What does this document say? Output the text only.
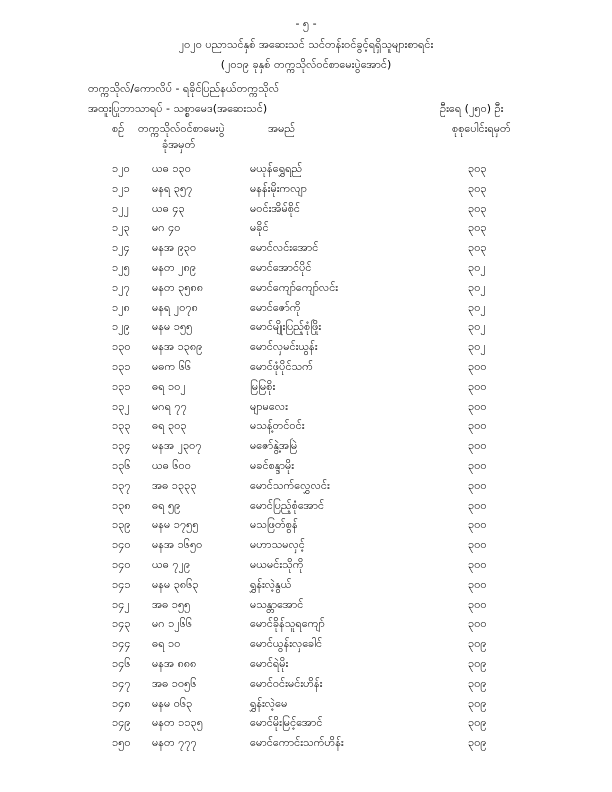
- ၅ -
၂၀၂၀ ပညာသင်နှစ် အဆေးသင် သင်တန်းဝင်ခွင့်ရရှိသူများစာရင်း
(၂၀၁၉ ခုနှစ် တက္ကသိုလ်ဝင်စာမေးပွဲအောင်)
တက္ကသိုလ်/ကောလိပ် - ရခိုင်ပြည်နယ်တက္ကသိုလ်
အထူးပြုဘာသာရပ် - သစ္စာမေဒ(အဆေးသင်)	ဦးရေ (၂၅၀) ဦး
စဉ် တက္ကသိုလ်ဝင်စာမေးပွဲ
ခုံအမှတ်
အမည်	စုစုပေါင်းရမှတ်
၁၂၀ ယဓ ၁၃၀	မယုန်ရွှေရည်	၃၀၃
၁၂၁ မနရ ၃၅၇	မနန်းမိုးကလျာ	၃၀၃
၁၂၂ ယဓ ၄၃	မဝင်းအိမ်စိုင်	၃၀၃
၁၂၃ မဂ ၄၀	မခိုင်	၃၀၃
၁၂၄ မနအ ၉၃၀	မောင်လင်းအောင်	၃၀၃
၁၂၅ မနတ ၂၈၉	မောင်အောင်ပိုင်	၃၀၂
၁၂၇ မနတ ၃၅၈၈	မောင်ကျော်ကျော်လင်း	၃၀၂
၁၂၈ မနရ ၂၀၇၈	မောင်ဇော်ကို	၃၀၂
၁၂၉ မနမ ၁၅၅	မောင်မျိုးပြည့်စုံဖြိုး	၃၀၂
၁၃၀ မနအ ၁၃၈၉	မောင်လှမင်းယွန်း	၃၀၂
၁၃၁ မဓက ၆၆	မောင်ဖုံပိုင်သက်	၃၀၀
၁၃၁ ဓရ ၁၀၂	မြမြစိုး	၃၀၀
၁၃၂ မဂရ ၇၇	မျာမလေး	၃၀၀
၁၃၃ ဓရ ၃၀၃	မသန့်တင်ဝင်း	၃၀၀
၁၃၄ မနအ ၂၃၀၇	မဇော်နွဲ့အမြဲ	၃၀၀
၁၃၆ ယဓ ၆၀၀	မခင်စန္ဒာမိုး	၃၀၀
၁၃၇ အဓ ၁၃၃၃	မောင်သက်လွှေလင်း	၃၀၀
၁၃၈ ဓရ ၅၉	မောင်ပြည့်စုံအောင်	၃၀၀
၁၃၉ မနမ ၁၇၅၅	မသဖြတ်စွန်	၃၀၀
၁၄၀ မနအ ၁၆၅၀	မဟာသမလှင့်	၃၀၀
၁၄၀ ယဓ ၇၂၉	မယမင်းသိုကို	၃၀၀
၁၄၁ မနမ ၃၈၆၃	ရွှန်းလဲ့နွယ်	၃၀၀
၁၄၂ အဓ ၁၅၅	မသန္တာအောင်	၃၀၀
၁၄၃ မဂ ၁၂၆၆	မောင်ခိုန်သူရကျော်	၃၀၀
၁၄၄ ဓရ ၁၀	မောင်ယွန်းလှခေါင်	၃၀၉
၁၄၆ မနအ ၈၈၈	မောင်ရဲမိုး	၃၀၉
၁၄၇ အဓ ၁၀၅၆	မောင်ဝင်းမင်းဟိန်း	၃၀၉
၁၄၈ မနမ ၀၆၃	ရွှန်းလဲ့မေ	၃၀၉
၁၄၉ မနတ ၁၁၃၅	မောင်မိုးမြင့်အောင်	၃၀၉
၁၅၀ မနတ ၇၇၇	မောင်ကောင်းသက်ဟိန်း	၃၀၉
